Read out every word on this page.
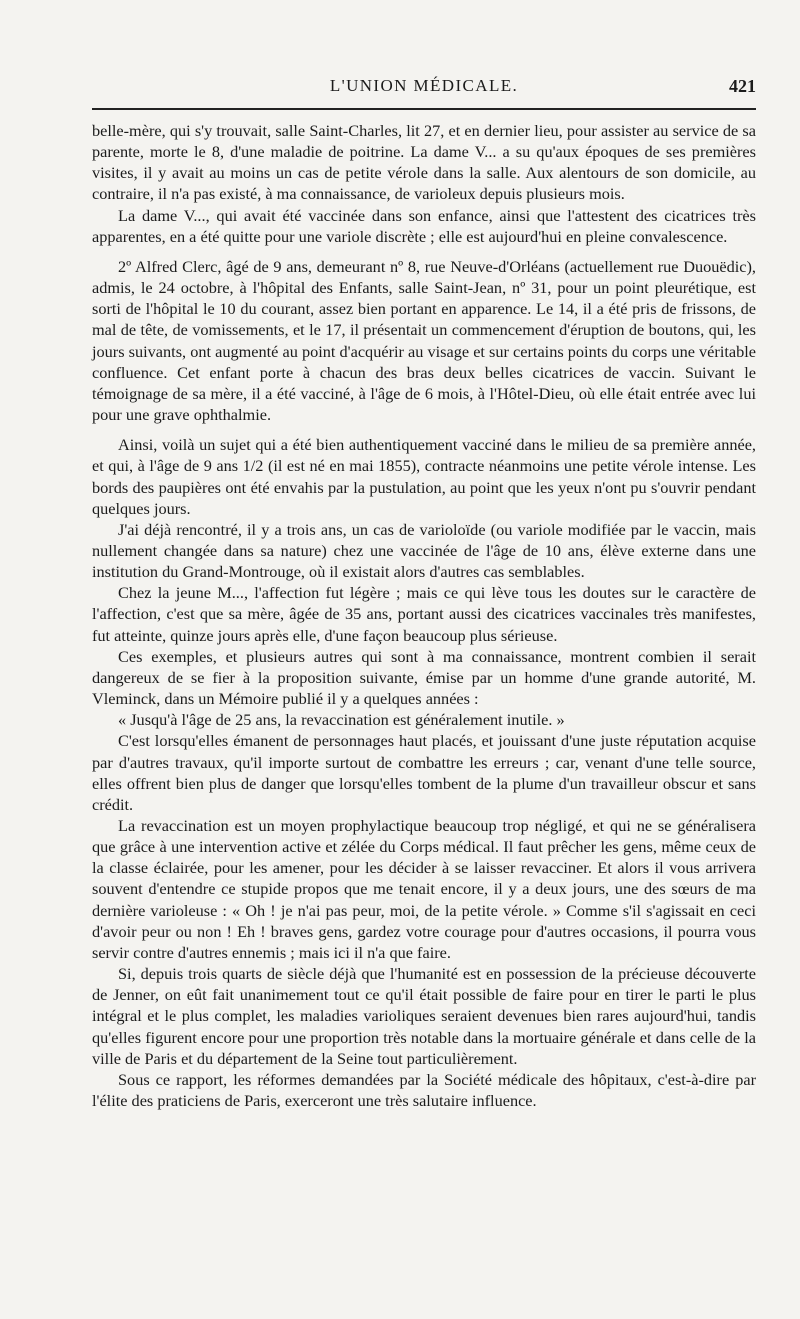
L'UNION MÉDICALE.	421

belle-mère, qui s'y trouvait, salle Saint-Charles, lit 27, et en dernier lieu, pour assister au service de sa parente, morte le 8, d'une maladie de poitrine. La dame V... a su qu'aux époques de ses premières visites, il y avait au moins un cas de petite vérole dans la salle. Aux alentours de son domicile, au contraire, il n'a pas existé, à ma connaissance, de varioleux depuis plusieurs mois.

La dame V..., qui avait été vaccinée dans son enfance, ainsi que l'attestent des cicatrices très apparentes, en a été quitte pour une variole discrète ; elle est aujourd'hui en pleine convalescence.

2º Alfred Clerc, âgé de 9 ans, demeurant nº 8, rue Neuve-d'Orléans (actuellement rue Duouëdic), admis, le 24 octobre, à l'hôpital des Enfants, salle Saint-Jean, nº 31, pour un point pleurétique, est sorti de l'hôpital le 10 du courant, assez bien portant en apparence. Le 14, il a été pris de frissons, de mal de tête, de vomissements, et le 17, il présentait un commencement d'éruption de boutons, qui, les jours suivants, ont augmenté au point d'acquérir au visage et sur certains points du corps une véritable confluence. Cet enfant porte à chacun des bras deux belles cicatrices de vaccin. Suivant le témoignage de sa mère, il a été vacciné, à l'âge de 6 mois, à l'Hôtel-Dieu, où elle était entrée avec lui pour une grave ophthalmie.

Ainsi, voilà un sujet qui a été bien authentiquement vacciné dans le milieu de sa première année, et qui, à l'âge de 9 ans 1/2 (il est né en mai 1855), contracte néanmoins une petite vérole intense. Les bords des paupières ont été envahis par la pustulation, au point que les yeux n'ont pu s'ouvrir pendant quelques jours.

J'ai déjà rencontré, il y a trois ans, un cas de varioloïde (ou variole modifiée par le vaccin, mais nullement changée dans sa nature) chez une vaccinée de l'âge de 10 ans, élève externe dans une institution du Grand-Montrouge, où il existait alors d'autres cas semblables.

Chez la jeune M..., l'affection fut légère ; mais ce qui lève tous les doutes sur le caractère de l'affection, c'est que sa mère, âgée de 35 ans, portant aussi des cicatrices vaccinales très manifestes, fut atteinte, quinze jours après elle, d'une façon beaucoup plus sérieuse.

Ces exemples, et plusieurs autres qui sont à ma connaissance, montrent combien il serait dangereux de se fier à la proposition suivante, émise par un homme d'une grande autorité, M. Vleminck, dans un Mémoire publié il y a quelques années :

« Jusqu'à l'âge de 25 ans, la revaccination est généralement inutile. »

C'est lorsqu'elles émanent de personnages haut placés, et jouissant d'une juste réputation acquise par d'autres travaux, qu'il importe surtout de combattre les erreurs ; car, venant d'une telle source, elles offrent bien plus de danger que lorsqu'elles tombent de la plume d'un travailleur obscur et sans crédit.

La revaccination est un moyen prophylactique beaucoup trop négligé, et qui ne se généralisera que grâce à une intervention active et zélée du Corps médical. Il faut prêcher les gens, même ceux de la classe éclairée, pour les amener, pour les décider à se laisser revacciner. Et alors il vous arrivera souvent d'entendre ce stupide propos que me tenait encore, il y a deux jours, une des sœurs de ma dernière varioleuse : « Oh ! je n'ai pas peur, moi, de la petite vérole. » Comme s'il s'agissait en ceci d'avoir peur ou non ! Eh ! braves gens, gardez votre courage pour d'autres occasions, il pourra vous servir contre d'autres ennemis ; mais ici il n'a que faire.

Si, depuis trois quarts de siècle déjà que l'humanité est en possession de la précieuse découverte de Jenner, on eût fait unanimement tout ce qu'il était possible de faire pour en tirer le parti le plus intégral et le plus complet, les maladies varioliques seraient devenues bien rares aujourd'hui, tandis qu'elles figurent encore pour une proportion très notable dans la mortuaire générale et dans celle de la ville de Paris et du département de la Seine tout particulièrement.

Sous ce rapport, les réformes demandées par la Société médicale des hôpitaux, c'est-à-dire par l'élite des praticiens de Paris, exerceront une très salutaire influence.
